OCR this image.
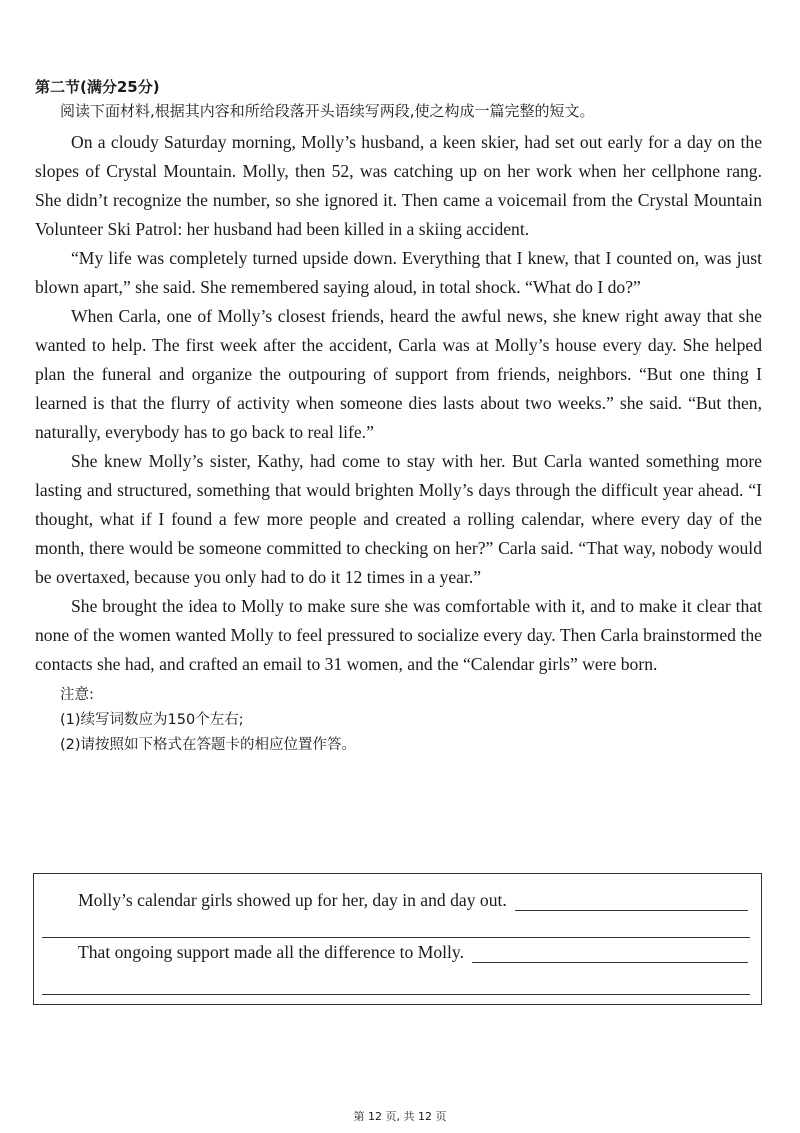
第二节(满分25分)

阅读下面材料,根据其内容和所给段落开头语续写两段,使之构成一篇完整的短文。

On a cloudy Saturday morning, Molly’s husband, a keen skier, had set out early for a day on the slopes of Crystal Mountain. Molly, then 52, was catching up on her work when her cellphone rang. She didn’t recognize the number, so she ignored it. Then came a voicemail from the Crystal Mountain Volunteer Ski Patrol: her husband had been killed in a skiing accident.

“My life was completely turned upside down. Everything that I knew, that I counted on, was just blown apart,” she said. She remembered saying aloud, in total shock. “What do I do?”

When Carla, one of Molly’s closest friends, heard the awful news, she knew right away that she wanted to help. The first week after the accident, Carla was at Molly’s house every day. She helped plan the funeral and organize the outpouring of support from friends, neighbors. “But one thing I learned is that the flurry of activity when someone dies lasts about two weeks.” she said. “But then, naturally, everybody has to go back to real life.”

She knew Molly’s sister, Kathy, had come to stay with her. But Carla wanted something more lasting and structured, something that would brighten Molly’s days through the difficult year ahead. “I thought, what if I found a few more people and created a rolling calendar, where every day of the month, there would be someone committed to checking on her?” Carla said. “That way, nobody would be overtaxed, because you only had to do it 12 times in a year.”

She brought the idea to Molly to make sure she was comfortable with it, and to make it clear that none of the women wanted Molly to feel pressured to socialize every day. Then Carla brainstormed the contacts she had, and crafted an email to 31 women, and the “Calendar girls” were born.

注意:
(1)续写词数应为150个左右;
(2)请按照如下格式在答题卡的相应位置作答。
Molly’s calendar girls showed up for her, day in and day out.
That ongoing support made all the difference to Molly.
第 12 页, 共 12 页
